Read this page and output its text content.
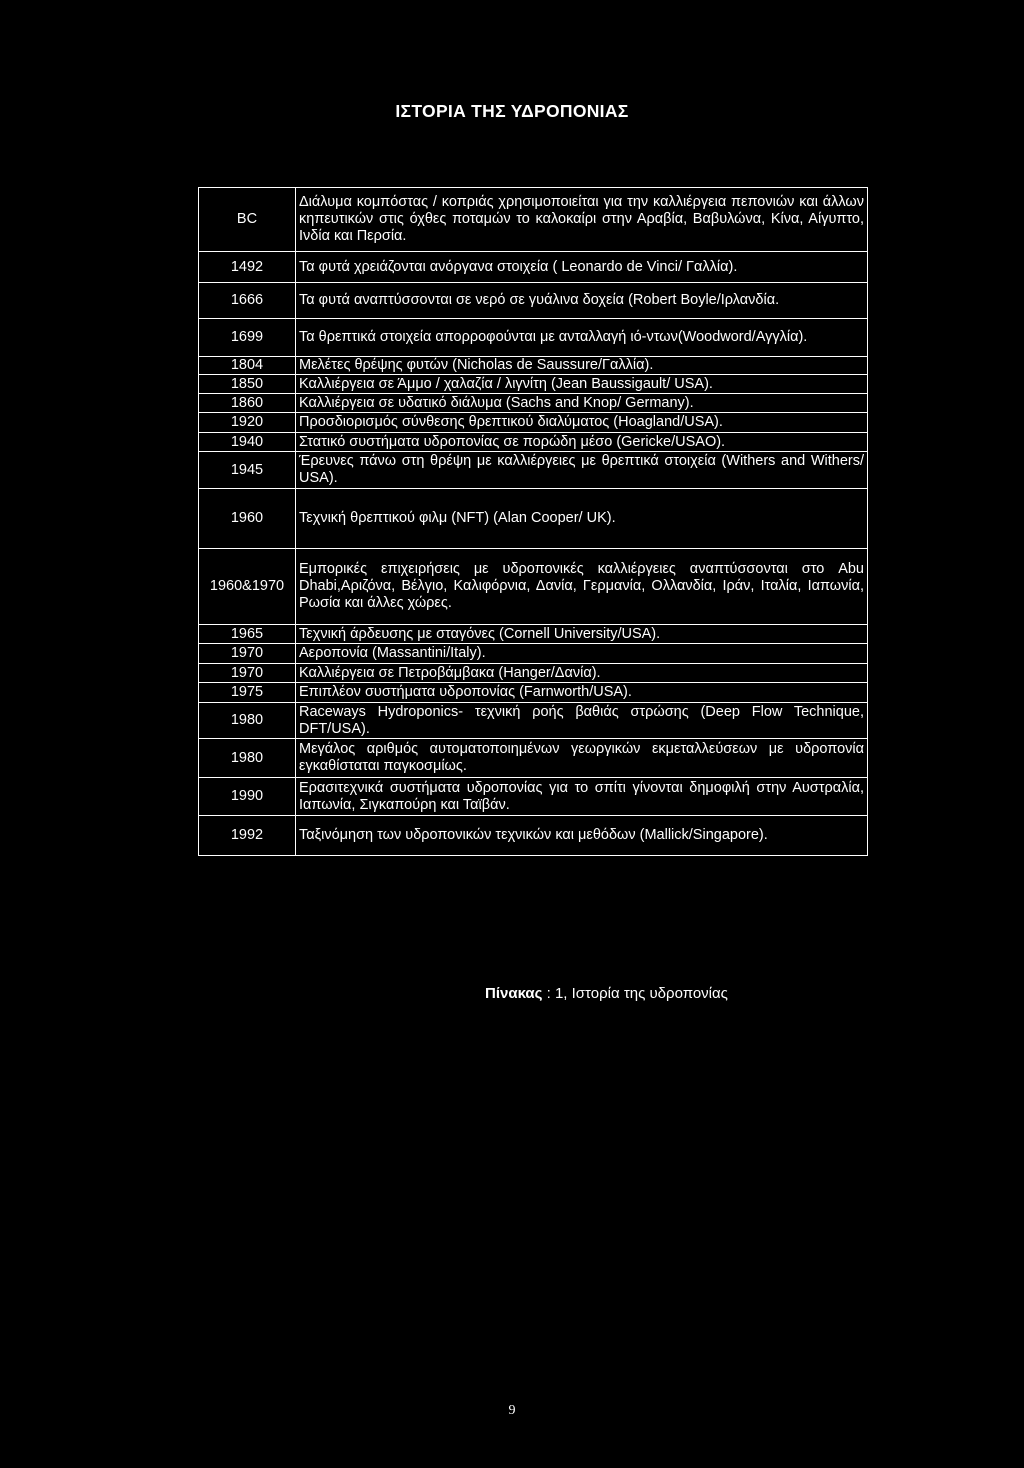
ΙΣΤΟΡΙΑ ΤΗΣ ΥΔΡΟΠΟΝΙΑΣ
BC	Διάλυμα κομπόστας / κοπριάς χρησιμοποιείται για την καλλιέργεια πεπονιών και άλλων κηπευτικών στις όχθες ποταμών το καλοκαίρι στην Αραβία, Βαβυλώνα, Κίνα, Αίγυπτο, Ινδία και Περσία.
1492	Τα φυτά χρειάζονται ανόργανα στοιχεία ( Leonardo de Vinci/ Γαλλία).
1666	Τα φυτά αναπτύσσονται σε νερό σε γυάλινα δοχεία (Robert Boyle/Ιρλανδία.
1699	Τα θρεπτικά στοιχεία απορροφούνται με ανταλλαγή ιό-ντων(Woodword/Αγγλία).
1804	Μελέτες θρέψης φυτών (Nicholas de Saussure/Γαλλία).
1850	Καλλιέργεια σε Άμμο / χαλαζία / λιγνίτη (Jean Baussigault/ USA).
1860	Καλλιέργεια σε υδατικό διάλυμα (Sachs and Knop/ Germany).
1920	Προσδιορισμός σύνθεσης θρεπτικού διαλύματος (Hoagland/USA).
1940	Στατικό συστήματα υδροπονίας σε πορώδη μέσο (Gericke/USAO).
1945	Έρευνες πάνω στη θρέψη με καλλιέργειες με θρεπτικά στοιχεία (Withers and Withers/ USA).
1960	Τεχνική θρεπτικού φιλμ (NFT) (Alan Cooper/ UK).
1960&1970	Εμπορικές επιχειρήσεις με υδροπονικές καλλιέργειες αναπτύσσονται στο Abu Dhabi,Αριζόνα, Βέλγιο, Καλιφόρνια, Δανία, Γερμανία, Ολλανδία, Ιράν, Ιταλία, Ιαπωνία, Ρωσία και άλλες χώρες.
1965	Τεχνική άρδευσης με σταγόνες (Cornell University/USA).
1970	Αεροπονία (Massantini/Italy).
1970	Καλλιέργεια σε Πετροβάμβακα (Hanger/Δανία).
1975	Επιπλέον συστήματα υδροπονίας (Farnworth/USA).
1980	Raceways Hydroponics- τεχνική ροής βαθιάς στρώσης (Deep Flow Technique, DFT/USA).
1980	Μεγάλος αριθμός αυτοματοποιημένων γεωργικών εκμεταλλεύσεων με υδροπονία εγκαθίσταται παγκοσμίως.
1990	Ερασιτεχνικά συστήματα υδροπονίας για το σπίτι γίνονται δημοφιλή στην Αυστραλία, Ιαπωνία, Σιγκαπούρη και Ταϊβάν.
1992	Ταξινόμηση των υδροπονικών τεχνικών και μεθόδων (Mallick/Singapore).
Πίνακας : 1, Ιστορία της υδροπονίας
9
